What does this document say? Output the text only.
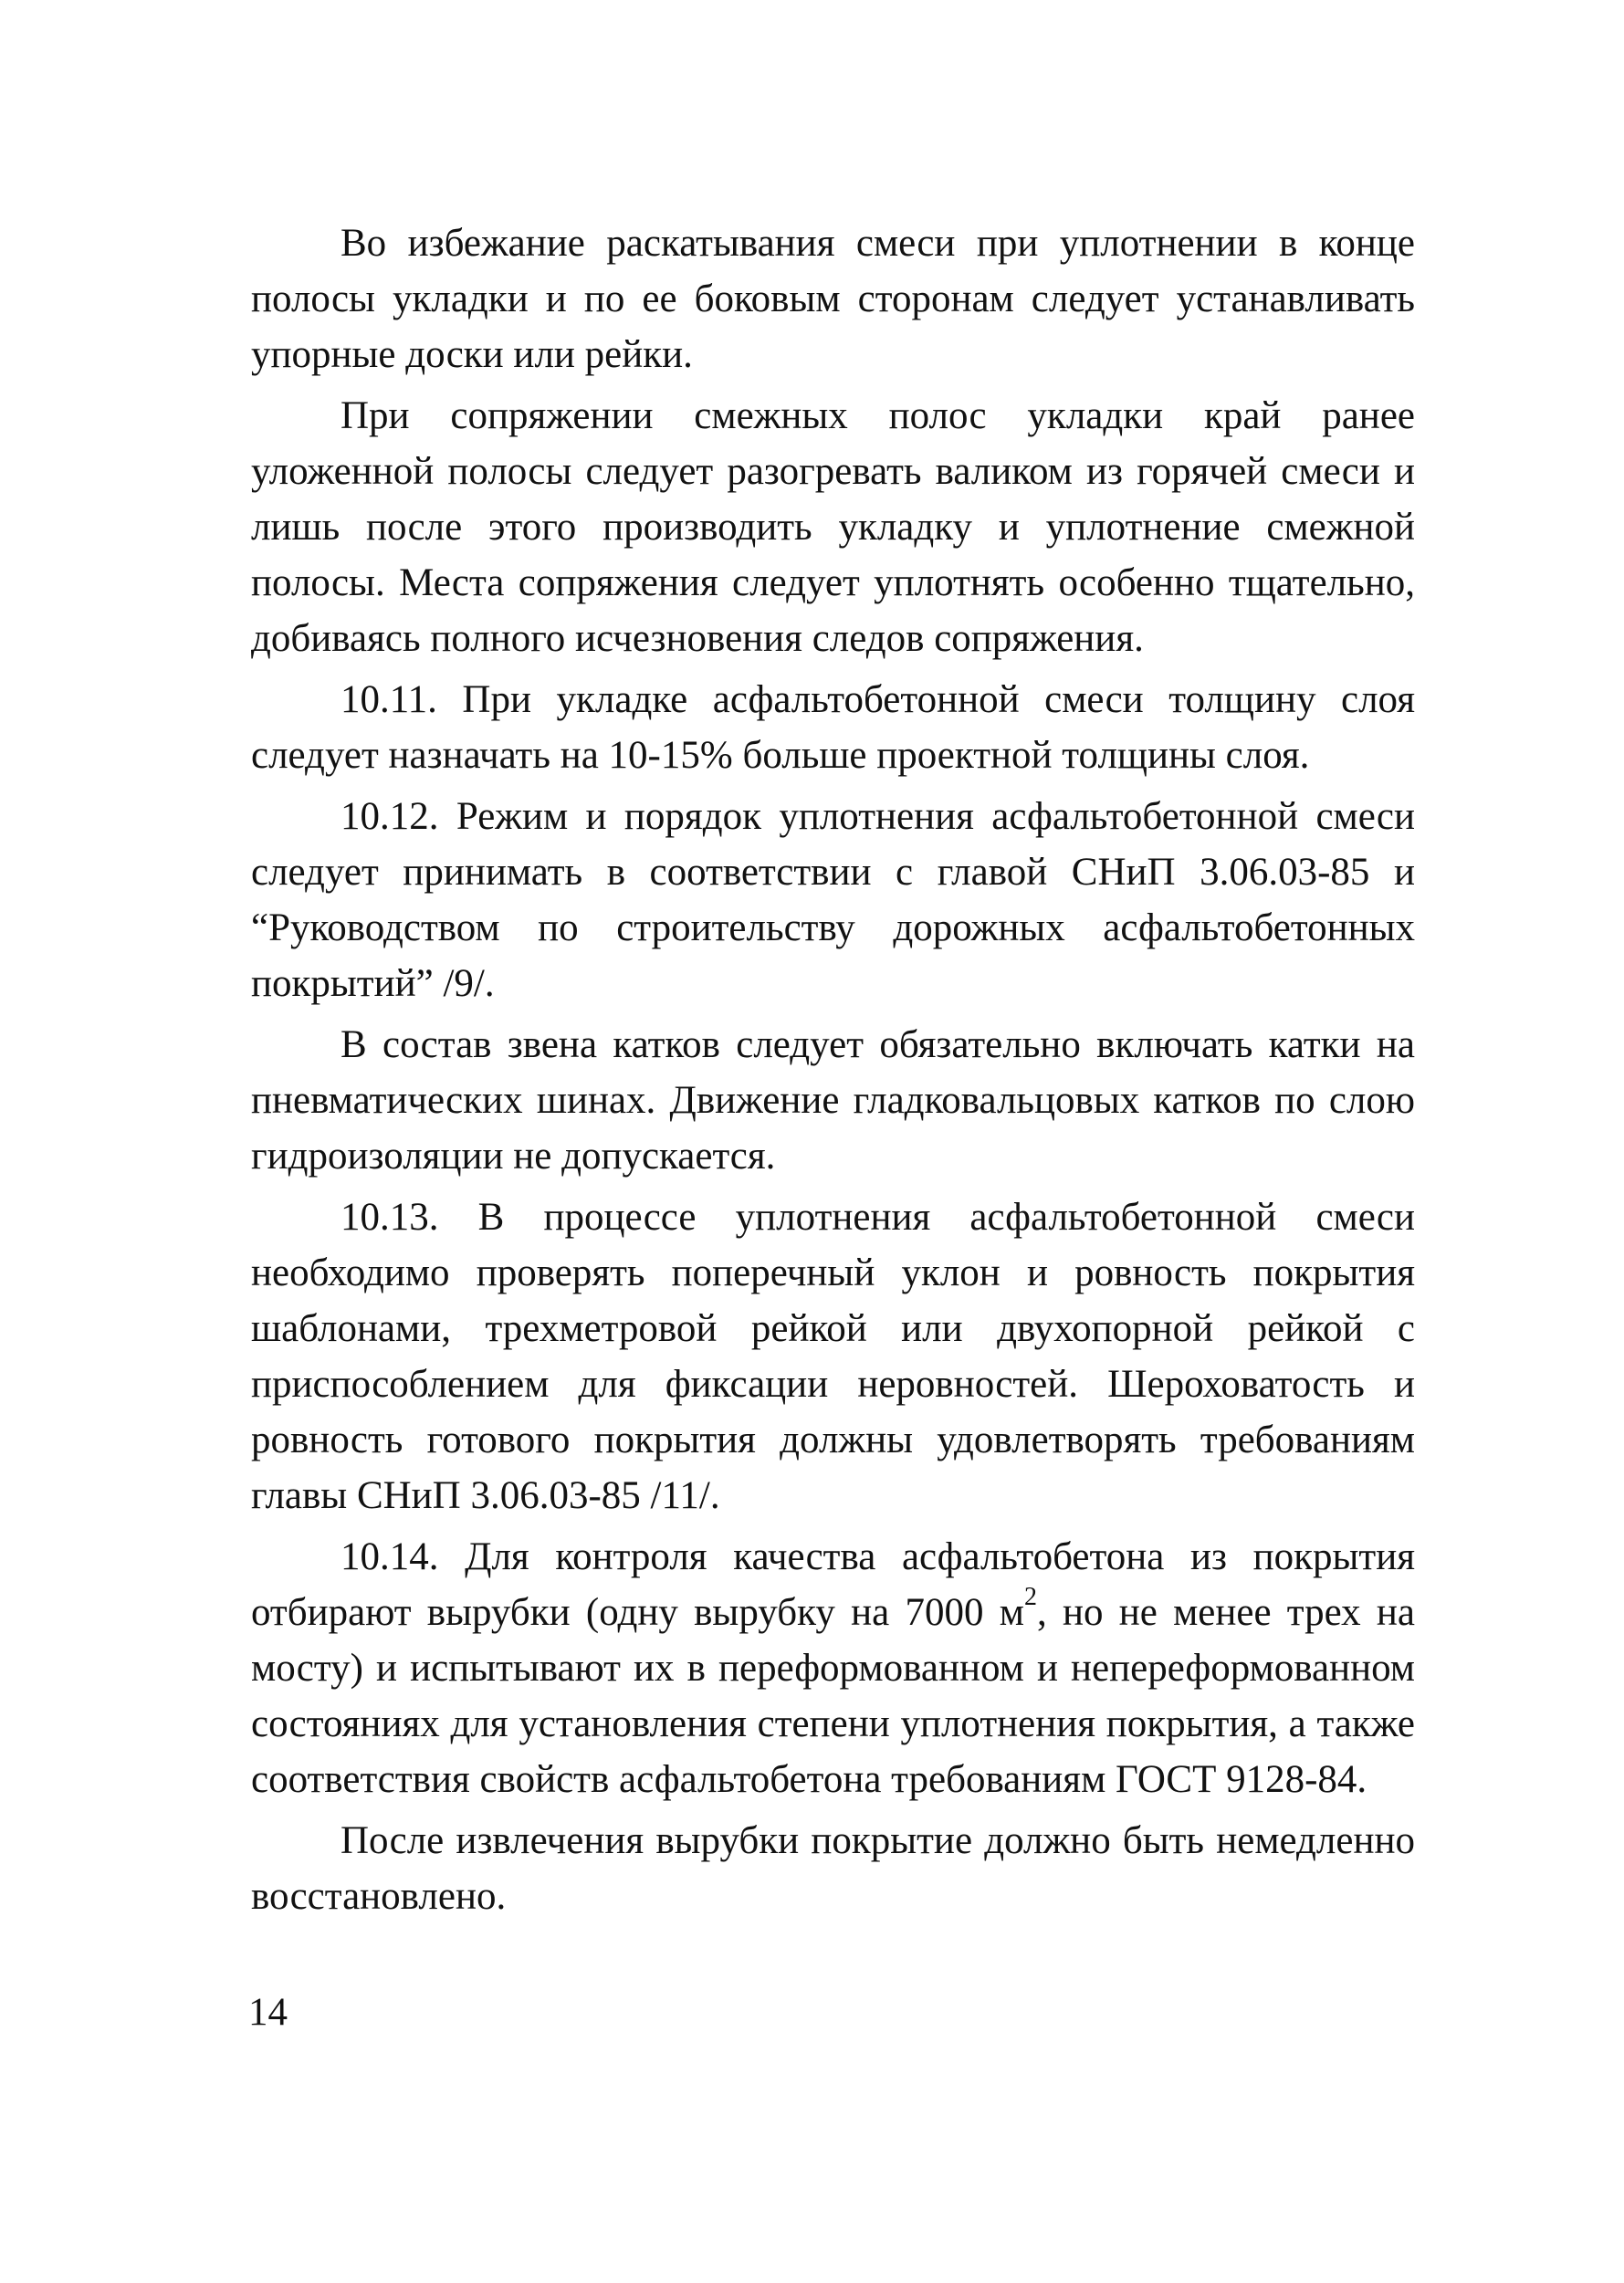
Во избежание раскатывания смеси при уплотнении в конце полосы укладки и по ее боковым сторонам следует устанавливать упорные доски или рейки.

При сопряжении смежных полос укладки край ранее уложенной полосы следует разогревать валиком из горячей смеси и лишь после этого производить укладку и уплотнение смежной полосы. Места сопряжения следует уплотнять особенно тщательно, добиваясь полного исчезновения следов сопряжения.

10.11. При укладке асфальтобетонной смеси толщину слоя следует назначать на 10-15% больше проектной толщины слоя.

10.12. Режим и порядок уплотнения асфальтобетонной смеси следует принимать в соответствии с главой СНиП 3.06.03-85 и “Руководством по строительству дорожных асфальтобетонных покрытий” /9/.

В состав звена катков следует обязательно включать катки на пневматических шинах. Движение гладковальцовых катков по слою гидроизоляции не допускается.

10.13. В процессе уплотнения асфальтобетонной смеси необходимо проверять поперечный уклон и ровность покрытия шаблонами, трехметровой рейкой или двухопорной рейкой с приспособлением для фиксации неровностей. Шероховатость и ровность готового покрытия должны удовлетворять требованиям главы СНиП 3.06.03-85 /11/.

10.14. Для контроля качества асфальтобетона из покрытия отбирают вырубки (одну вырубку на 7000 $м^2$, но не менее трех на мосту) и испытывают их в переформованном и непереформованном состояниях для установления степени уплотнения покрытия, а также соответствия свойств асфальтобетона требованиям ГОСТ 9128-84.

После извлечения вырубки покрытие должно быть немедленно восстановлено.

14
